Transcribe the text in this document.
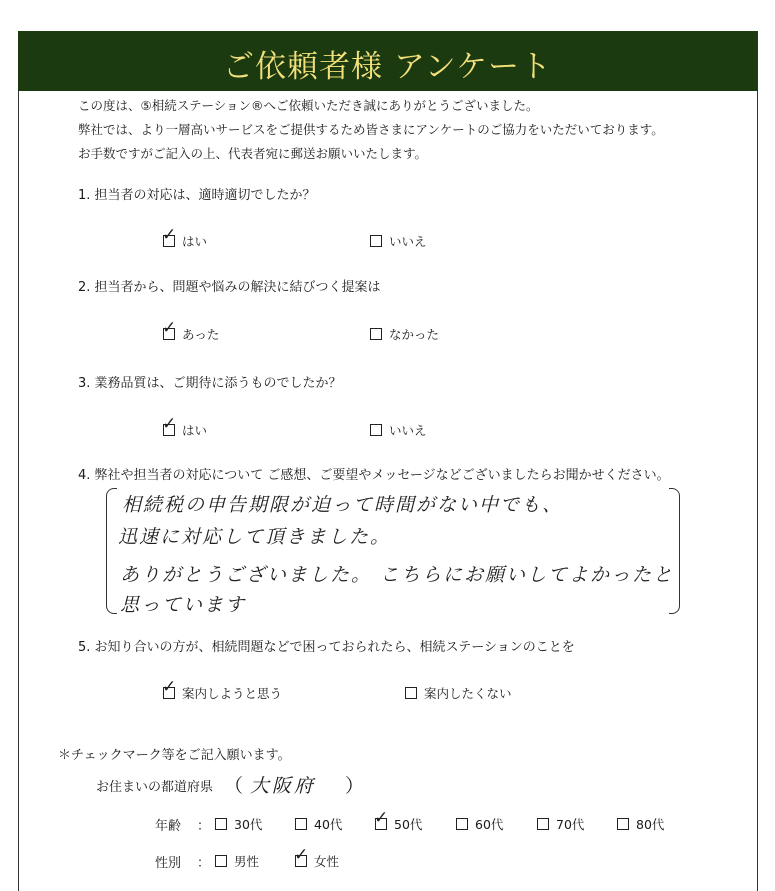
ご依頼者様 アンケート
この度は、⑤相続ステーション®へご依頼いただき誠にありがとうございました。
弊社では、より一層高いサービスをご提供するため皆さまにアンケートのご協力をいただいております。
お手数ですがご記入の上、代表者宛に郵送お願いいたします。
1. 担当者の対応は、適時適切でしたか？
✓ はい	いいえ
2. 担当者から、問題や悩みの解決に結びつく提案は
✓ あった	なかった
3. 業務品質は、ご期待に添うものでしたか？
✓ はい	いいえ
4. 弊社や担当者の対応について ご感想、ご要望やメッセージなどございましたらお聞かせください。
相続税の申告期限が迫って時間がない中でも、
迅速に対応して頂きました。
ありがとうございました。 こちらにお願いしてよかったと
思っています
5. お知り合いの方が、相続問題などで困っておられたら、相続ステーションのことを
✓ 案内しようと思う	案内したくない
＊チェックマーク等をご記入願います。
お住まいの都道府県 （ 大阪府 ）
年齢 ： 30代	40代 ✓ 50代	60代	70代	80代
性別 ： 男性 ✓ 女性
